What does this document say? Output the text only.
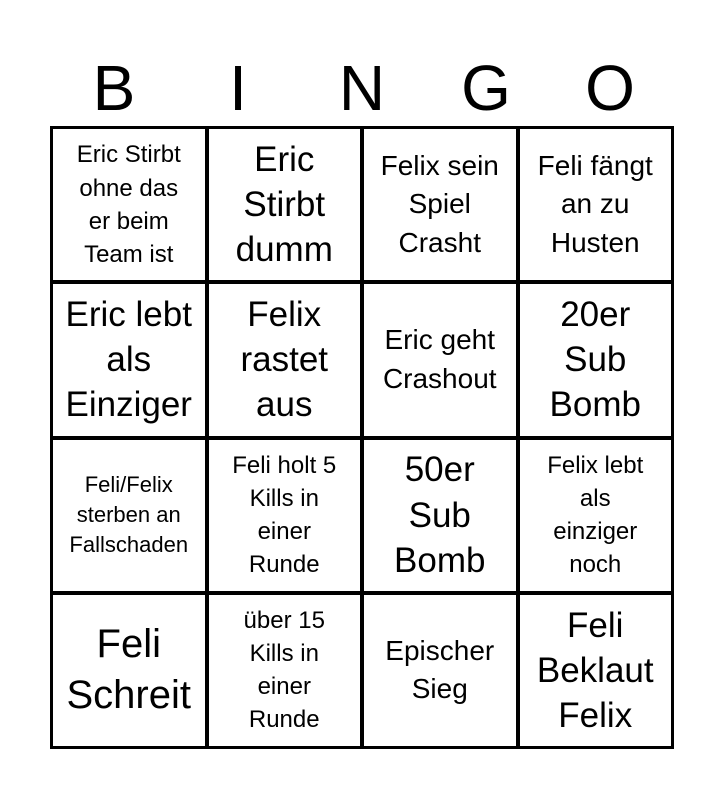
B	I	N	G	O
Eric Stirbt
ohne das
er beim
Team ist
Eric
Stirbt
dumm
Felix sein
Spiel
Crasht
Feli fängt
an zu
Husten
Eric lebt
als
Einziger
Felix
rastet
aus
Eric geht
Crashout
20er
Sub
Bomb
Feli/Felix
sterben an
Fallschaden
Feli holt 5
Kills in
einer
Runde
50er
Sub
Bomb
Felix lebt
als
einziger
noch
Feli
Schreit
über 15
Kills in
einer
Runde
Epischer
Sieg
Feli
Beklaut
Felix
